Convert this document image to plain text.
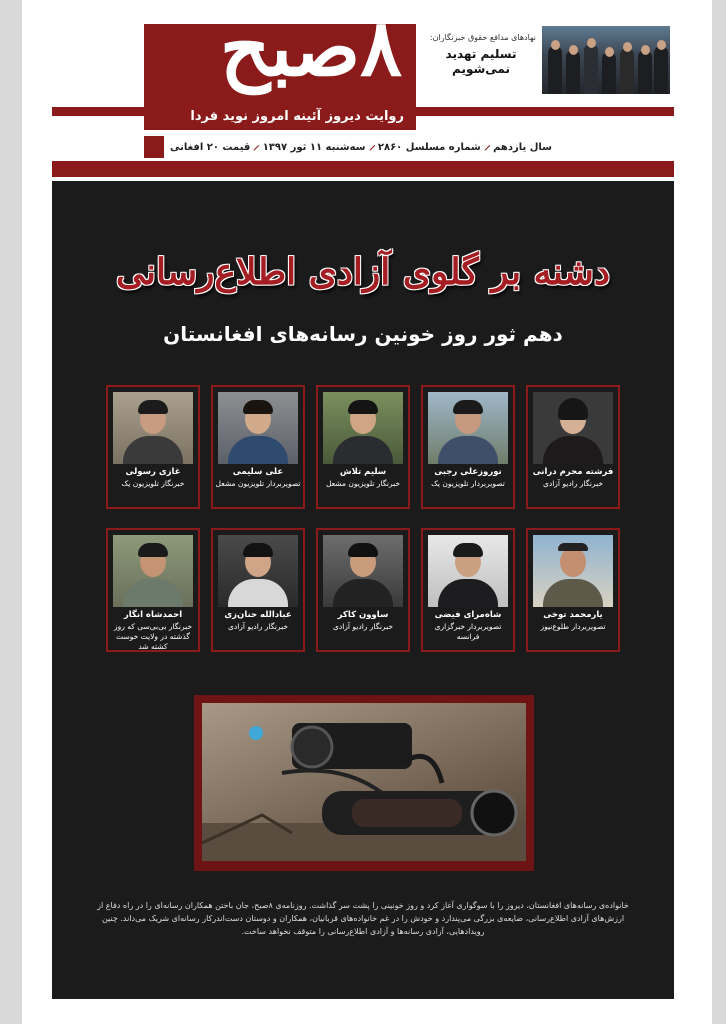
۸صبح
روایت دیروز آئینه امروز نوید فردا
سال یازدهم
شماره مسلسل ۲۸۶۰
سه‌شنبه ۱۱ ثور ۱۳۹۷
قیمت ۲۰ افغانی
نهادهای مدافع حقوق خبرنگاران:
تسلیم تهدید
نمی‌شویم
دشنه بر گلوی آزادی اطلاع‌رسانی
دهم ثور روز خونین رسانه‌های افغانستان
فرشته محرم درانی
خبرنگار رادیو آزادی
نوروزعلی رجبی
تصویربردار تلویزیون یک
سلیم تلاش
خبرنگار تلویزیون مشعل
علی سلیمی
تصویربردار تلویزیون مشعل
غازی رسولی
خبرنگار تلویزیون یک
یارمحمد توخی
تصویربردار طلوع‌نیوز
شاه‌مرای فیضی
تصویربردار خبرگزاری فرانسه
ساوون کاکر
خبرنگار رادیو آزادی
عبادالله حنان‌زی
خبرنگار رادیو آزادی
احمدشاه انگار
خبرنگار بی‌بی‌سی که روز گذشته در ولایت خوست کشته شد
خانواده‌ی رسانه‌های افغانستان، دیروز را با سوگواری آغاز کرد و روز خونینی را پشت سر گذاشت. روزنامه‌ی ۸صبح، جان باختن همکاران رسانه‌ای را در راه دفاع از ارزش‌های آزادی اطلاع‌رسانی، ضایعه‌ی بزرگی می‌پندارد و خودش را در غم خانواده‌های قربانیان، همکاران و دوستان دست‌اندرکار رسانه‌ای شریک می‌داند. چنین رویدادهایی، آزادی رسانه‌ها و آزادی اطلاع‌رسانی را متوقف نخواهد ساخت.
